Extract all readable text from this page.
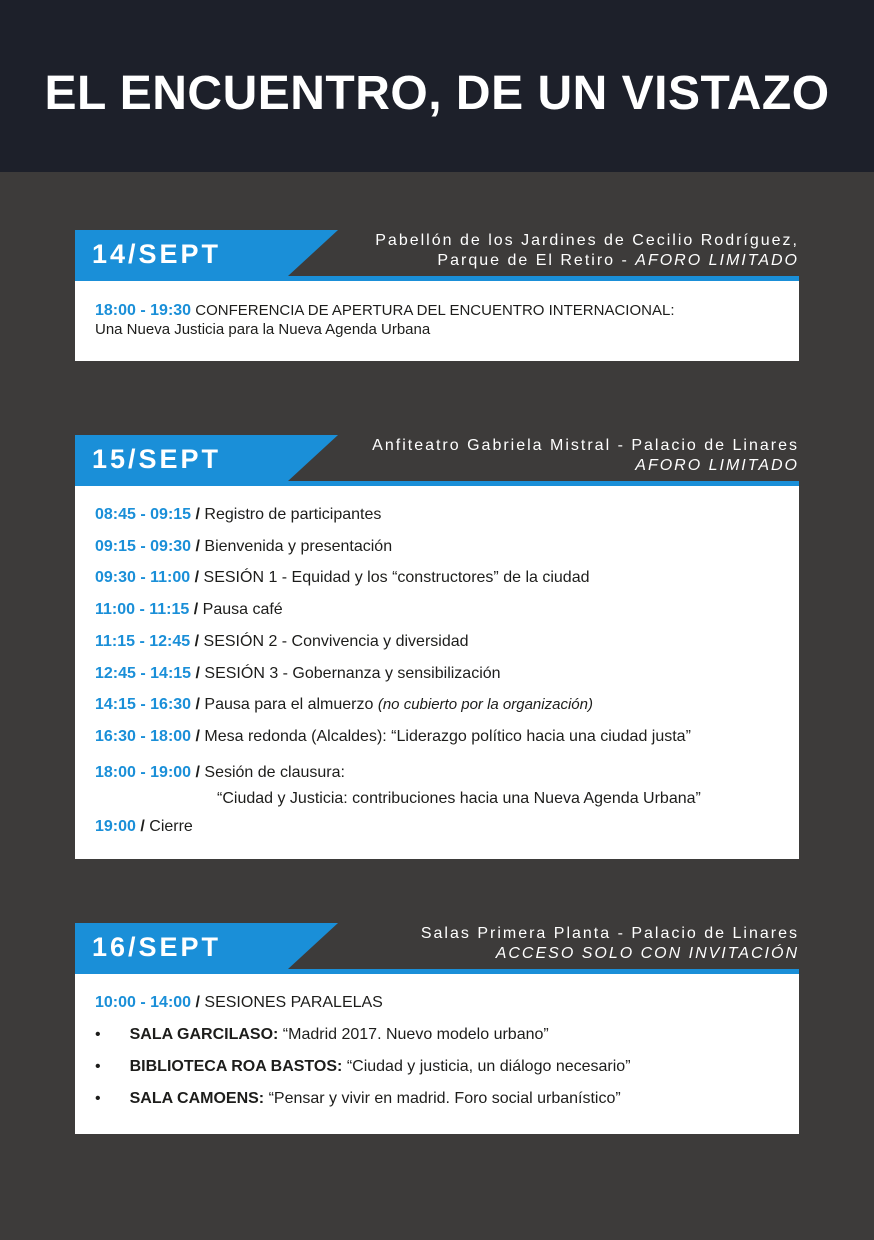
EL ENCUENTRO, DE UN VISTAZO
14/SEPT	Pabellón de los Jardines de Cecilio Rodríguez,
Parque de El Retiro - AFORO LIMITADO
18:00 - 19:30 CONFERENCIA DE APERTURA DEL ENCUENTRO INTERNACIONAL:
Una Nueva Justicia para la Nueva Agenda Urbana
15/SEPT	Anfiteatro Gabriela Mistral - Palacio de Linares
AFORO LIMITADO
08:45 - 09:15 / Registro de participantes
09:15 - 09:30 / Bienvenida y presentación
09:30 - 11:00 / SESIÓN 1 - Equidad y los “constructores” de la ciudad
11:00 - 11:15 / Pausa café
11:15 - 12:45 / SESIÓN 2 - Convivencia y diversidad
12:45 - 14:15 / SESIÓN 3 - Gobernanza y sensibilización
14:15 - 16:30 / Pausa para el almuerzo (no cubierto por la organización)
16:30 - 18:00 / Mesa redonda (Alcaldes): “Liderazgo político hacia una ciudad justa”
18:00 - 19:00 / Sesión de clausura:
“Ciudad y Justicia: contribuciones hacia una Nueva Agenda Urbana”
19:00 / Cierre
16/SEPT	Salas Primera Planta - Palacio de Linares
ACCESO SOLO CON INVITACIÓN
10:00 - 14:00 / SESIONES PARALELAS
• SALA GARCILASO: “Madrid 2017. Nuevo modelo urbano”
• BIBLIOTECA ROA BASTOS: “Ciudad y justicia, un diálogo necesario”
• SALA CAMOENS: “Pensar y vivir en madrid. Foro social urbanístico”
